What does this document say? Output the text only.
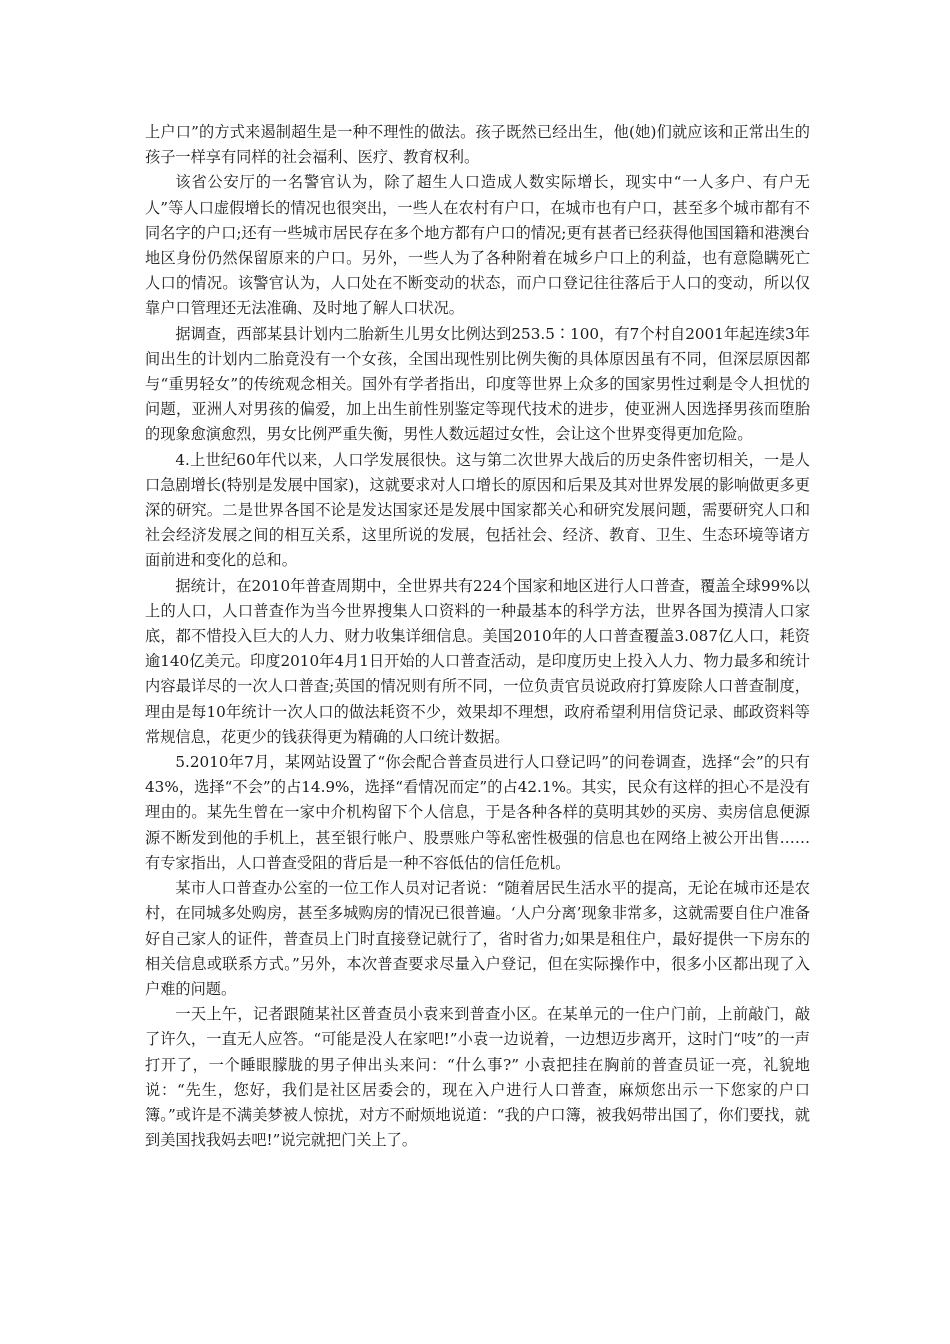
上户口”的方式来遏制超生是一种不理性的做法。孩子既然已经出生，他(她)们就应该和正常出生的孩子一样享有同样的社会福利、医疗、教育权利。

该省公安厅的一名警官认为，除了超生人口造成人数实际增长，现实中“一人多户、有户无人”等人口虚假增长的情况也很突出，一些人在农村有户口，在城市也有户口，甚至多个城市都有不同名字的户口;还有一些城市居民存在多个地方都有户口的情况;更有甚者已经获得他国国籍和港澳台地区身份仍然保留原来的户口。另外，一些人为了各种附着在城乡户口上的利益，也有意隐瞒死亡人口的情况。该警官认为，人口处在不断变动的状态，而户口登记往往落后于人口的变动，所以仅靠户口管理还无法准确、及时地了解人口状况。

据调查，西部某县计划内二胎新生儿男女比例达到253.5∶100，有7个村自2001年起连续3年间出生的计划内二胎竟没有一个女孩，全国出现性别比例失衡的具体原因虽有不同，但深层原因都与“重男轻女”的传统观念相关。国外有学者指出，印度等世界上众多的国家男性过剩是令人担忧的问题，亚洲人对男孩的偏爱，加上出生前性别鉴定等现代技术的进步，使亚洲人因选择男孩而堕胎的现象愈演愈烈，男女比例严重失衡，男性人数远超过女性，会让这个世界变得更加危险。

4.上世纪60年代以来，人口学发展很快。这与第二次世界大战后的历史条件密切相关，一是人口急剧增长(特别是发展中国家)，这就要求对人口增长的原因和后果及其对世界发展的影响做更多更深的研究。二是世界各国不论是发达国家还是发展中国家都关心和研究发展问题，需要研究人口和社会经济发展之间的相互关系，这里所说的发展，包括社会、经济、教育、卫生、生态环境等诸方面前进和变化的总和。

据统计，在2010年普查周期中，全世界共有224个国家和地区进行人口普查，覆盖全球99%以上的人口，人口普查作为当今世界搜集人口资料的一种最基本的科学方法，世界各国为摸清人口家底，都不惜投入巨大的人力、财力收集详细信息。美国2010年的人口普查覆盖3.087亿人口，耗资逾140亿美元。印度2010年4月1日开始的人口普查活动，是印度历史上投入人力、物力最多和统计内容最详尽的一次人口普查;英国的情况则有所不同，一位负责官员说政府打算废除人口普查制度，理由是每10年统计一次人口的做法耗资不少，效果却不理想，政府希望利用信贷记录、邮政资料等常规信息，花更少的钱获得更为精确的人口统计数据。

5.2010年7月，某网站设置了“你会配合普查员进行人口登记吗”的问卷调查，选择“会”的只有43%，选择“不会”的占14.9%，选择“看情况而定”的占42.1%。其实，民众有这样的担心不是没有理由的。某先生曾在一家中介机构留下个人信息，于是各种各样的莫明其妙的买房、卖房信息便源源不断发到他的手机上，甚至银行帐户、股票账户等私密性极强的信息也在网络上被公开出售……有专家指出，人口普查受阻的背后是一种不容低估的信任危机。

某市人口普查办公室的一位工作人员对记者说：“随着居民生活水平的提高，无论在城市还是农村，在同城多处购房，甚至多城购房的情况已很普遍。‘人户分离’现象非常多，这就需要自住户准备好自己家人的证件，普查员上门时直接登记就行了，省时省力;如果是租住户，最好提供一下房东的相关信息或联系方式。”另外，本次普查要求尽量入户登记，但在实际操作中，很多小区都出现了入户难的问题。

一天上午，记者跟随某社区普查员小袁来到普查小区。在某单元的一住户门前，上前敲门，敲了许久，一直无人应答。“可能是没人在家吧!”小袁一边说着，一边想迈步离开，这时门“吱”的一声打开了，一个睡眼朦胧的男子伸出头来问：“什么事?” 小袁把挂在胸前的普查员证一亮，礼貌地说：“先生，您好，我们是社区居委会的，现在入户进行人口普查，麻烦您出示一下您家的户口簿。”或许是不满美梦被人惊扰，对方不耐烦地说道：“我的户口簿，被我妈带出国了，你们要找，就到美国找我妈去吧!”说完就把门关上了。
